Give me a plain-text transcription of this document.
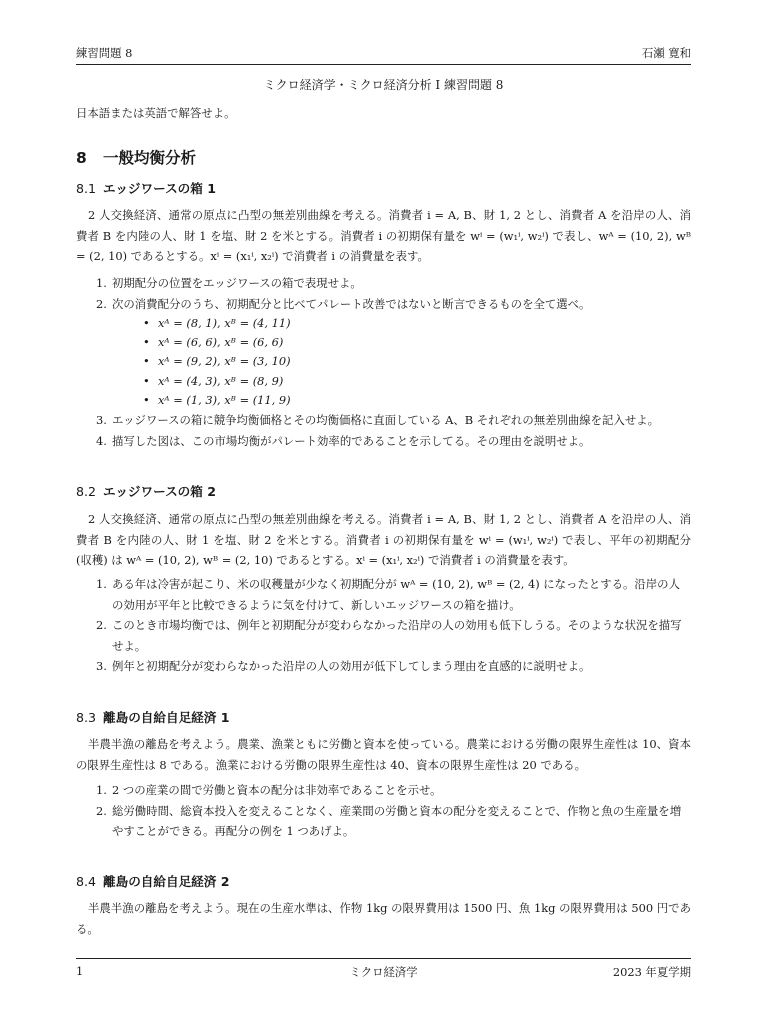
練習問題 8	石瀬 寛和
ミクロ経済学・ミクロ経済分析 I 練習問題 8
日本語または英語で解答せよ。
8 一般均衡分析
8.1 エッジワースの箱 1
2 人交換経済、通常の原点に凸型の無差別曲線を考える。消費者 i = A, B、財 1, 2 とし、消費者 A を沿岸の人、消費者 B を内陸の人、財 1 を塩、財 2 を米とする。消費者 i の初期保有量を wⁱ = (w₁ⁱ, w₂ⁱ) で表し、wᴬ = (10, 2), wᴮ = (2, 10) であるとする。xⁱ = (x₁ⁱ, x₂ⁱ) で消費者 i の消費量を表す。
1. 初期配分の位置をエッジワースの箱で表現せよ。
2. 次の消費配分のうち、初期配分と比べてパレート改善ではないと断言できるものを全て選べ。
• xᴬ = (8, 1), xᴮ = (4, 11)
• xᴬ = (6, 6), xᴮ = (6, 6)
• xᴬ = (9, 2), xᴮ = (3, 10)
• xᴬ = (4, 3), xᴮ = (8, 9)
• xᴬ = (1, 3), xᴮ = (11, 9)
3. エッジワースの箱に競争均衡価格とその均衡価格に直面している A、B それぞれの無差別曲線を記入せよ。
4. 描写した図は、この市場均衡がパレート効率的であることを示してる。その理由を説明せよ。
8.2 エッジワースの箱 2
2 人交換経済、通常の原点に凸型の無差別曲線を考える。消費者 i = A, B、財 1, 2 とし、消費者 A を沿岸の人、消費者 B を内陸の人、財 1 を塩、財 2 を米とする。消費者 i の初期保有量を wⁱ = (w₁ⁱ, w₂ⁱ) で表し、平年の初期配分 (収穫) は wᴬ = (10, 2), wᴮ = (2, 10) であるとする。xⁱ = (x₁ⁱ, x₂ⁱ) で消費者 i の消費量を表す。
1. ある年は冷害が起こり、米の収穫量が少なく初期配分が wᴬ = (10, 2), wᴮ = (2, 4) になったとする。沿岸の人の効用が平年と比較できるように気を付けて、新しいエッジワースの箱を描け。
2. このとき市場均衡では、例年と初期配分が変わらなかった沿岸の人の効用も低下しうる。そのような状況を描写せよ。
3. 例年と初期配分が変わらなかった沿岸の人の効用が低下してしまう理由を直感的に説明せよ。
8.3 離島の自給自足経済 1
半農半漁の離島を考えよう。農業、漁業ともに労働と資本を使っている。農業における労働の限界生産性は 10、資本の限界生産性は 8 である。漁業における労働の限界生産性は 40、資本の限界生産性は 20 である。
1. 2 つの産業の間で労働と資本の配分は非効率であることを示せ。
2. 総労働時間、総資本投入を変えることなく、産業間の労働と資本の配分を変えることで、作物と魚の生産量を増やすことができる。再配分の例を 1 つあげよ。
8.4 離島の自給自足経済 2
半農半漁の離島を考えよう。現在の生産水準は、作物 1kg の限界費用は 1500 円、魚 1kg の限界費用は 500 円である。
1	ミクロ経済学	2023 年夏学期
